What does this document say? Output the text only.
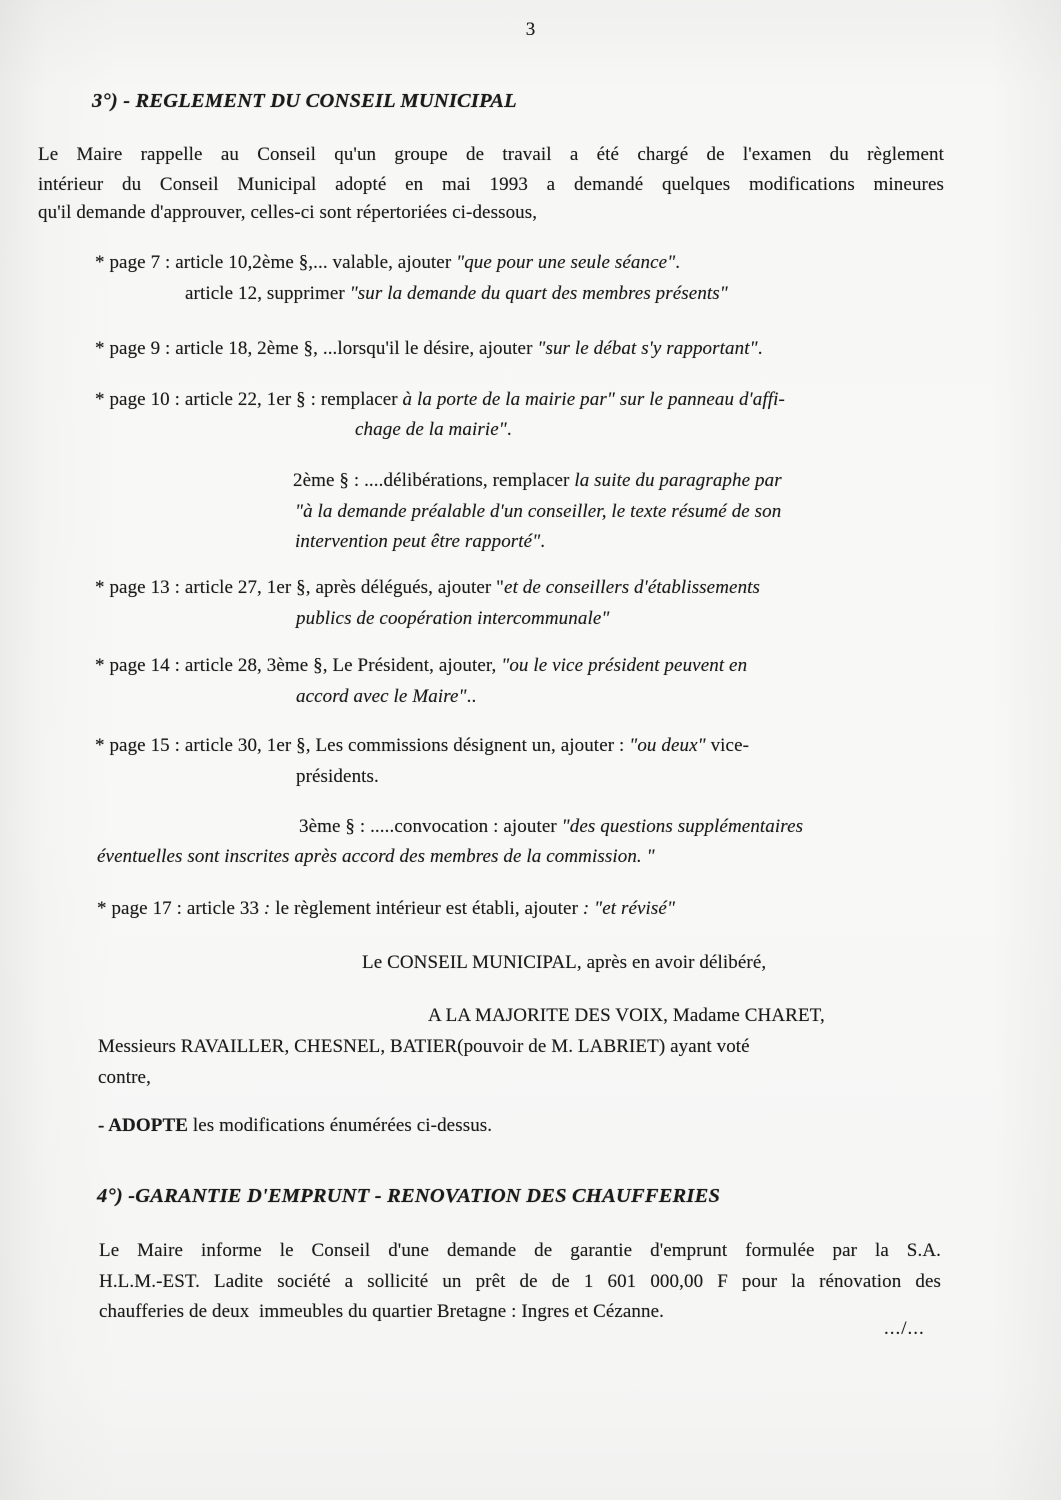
3
3°) - REGLEMENT DU CONSEIL MUNICIPAL
Le Maire rappelle au Conseil qu'un groupe de travail a été chargé de l'examen du règlement
intérieur du Conseil Municipal adopté en mai 1993 a demandé quelques modifications mineures
qu'il demande d'approuver, celles-ci sont répertoriées ci-dessous,
* page 7 : article 10,2ème §,... valable, ajouter "que pour une seule séance".
article 12, supprimer "sur la demande du quart des membres présents"
* page 9 : article 18, 2ème §, ...lorsqu'il le désire, ajouter "sur le débat s'y rapportant".
* page 10 : article 22, 1er § : remplacer à la porte de la mairie par" sur le panneau d'affi-
chage de la mairie".
2ème § : ....délibérations, remplacer la suite du paragraphe par
"à la demande préalable d'un conseiller, le texte résumé de son
intervention peut être rapporté".
* page 13 : article 27, 1er §, après délégués, ajouter "et de conseillers d'établissements
publics de coopération intercommunale"
* page 14 : article 28, 3ème §, Le Président, ajouter, "ou le vice président peuvent en
accord avec le Maire"..
* page 15 : article 30, 1er §, Les commissions désignent un, ajouter : "ou deux" vice-
présidents.
3ème § : .....convocation : ajouter "des questions supplémentaires
éventuelles sont inscrites après accord des membres de la commission. "
* page 17 : article 33 : le règlement intérieur est établi, ajouter : "et révisé"
Le CONSEIL MUNICIPAL, après en avoir délibéré,
A LA MAJORITE DES VOIX, Madame CHARET,
Messieurs RAVAILLER, CHESNEL, BATIER(pouvoir de M. LABRIET) ayant voté
contre,
- ADOPTE les modifications énumérées ci-dessus.
4°) -GARANTIE D'EMPRUNT - RENOVATION DES CHAUFFERIES
Le Maire informe le Conseil d'une demande de garantie d'emprunt formulée par la S.A.
H.L.M.-EST. Ladite société a sollicité un prêt de de 1 601 000,00 F pour la rénovation des
chaufferies de deux  immeubles du quartier Bretagne : Ingres et Cézanne.
.../...
